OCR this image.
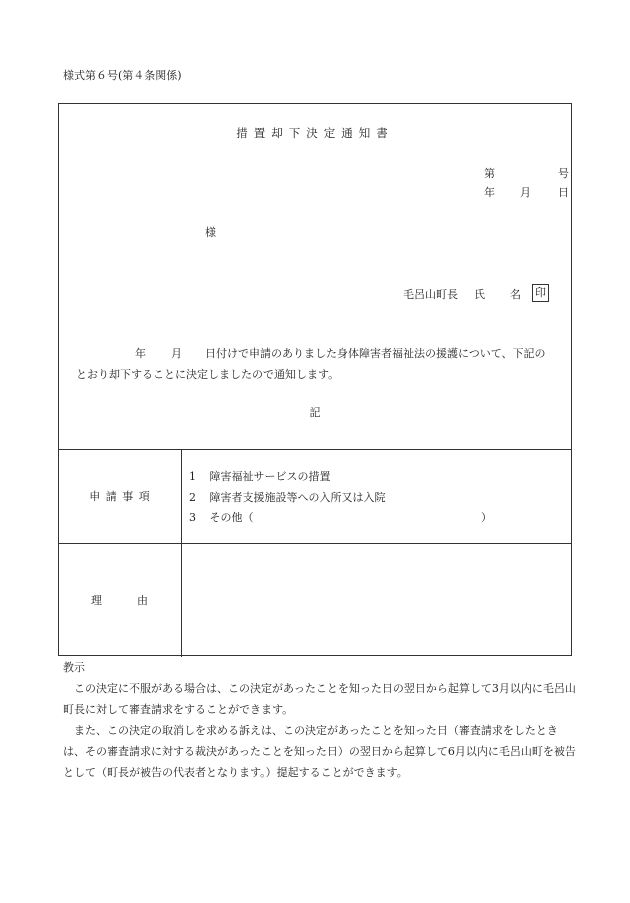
様式第６号(第４条関係)
措置却下決定通知書
第	号
年 月 日
様
毛呂山町長 氏 名 印
年 月 日付けで申請のありました身体障害者福祉法の援護について、下記の
とおり却下することに決定しましたので通知します。
記
申 請 事 項
1 障害福祉サービスの措置
2 障害者支援施設等への入所又は入院
3 その他（	）
理	由

教示

この決定に不服がある場合は、この決定があったことを知った日の翌日から起算して3月以内に毛呂山町長に対して審査請求をすることができます。

また、この決定の取消しを求める訴えは、この決定があったことを知った日（審査請求をしたときは、その審査請求に対する裁決があったことを知った日）の翌日から起算して6月以内に毛呂山町を被告として（町長が被告の代表者となります。）提起することができます。
